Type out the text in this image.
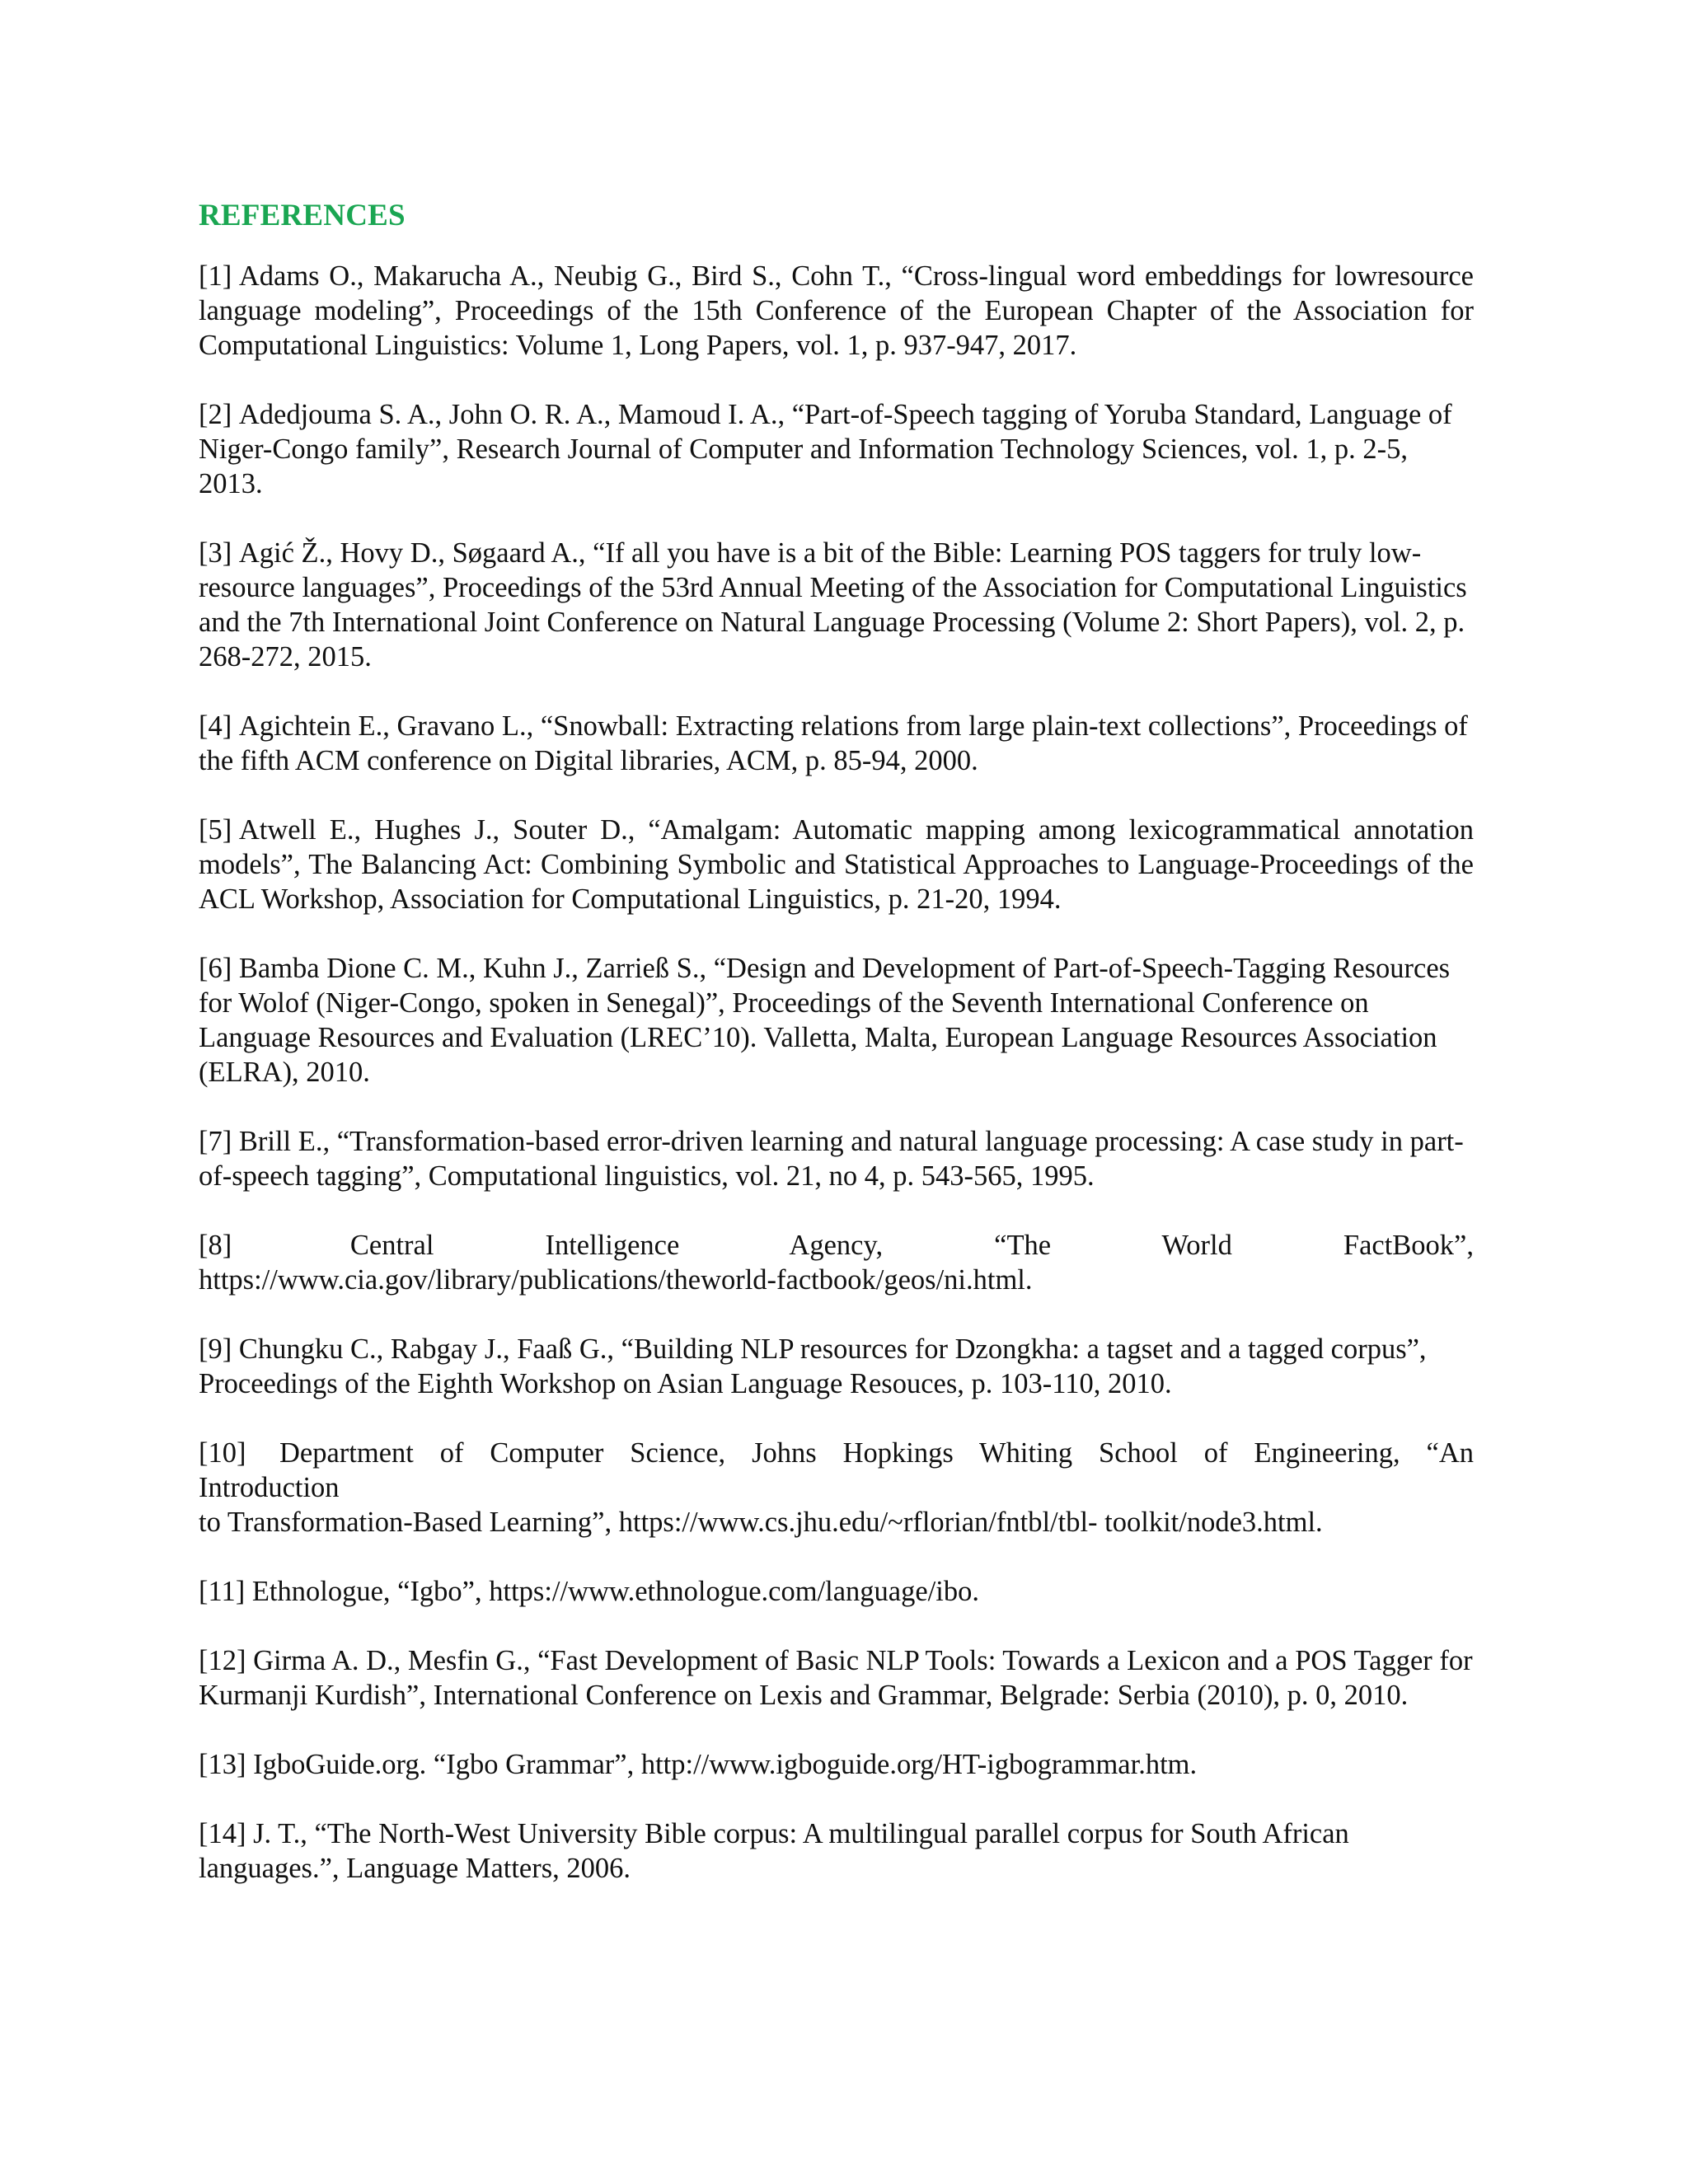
REFERENCES

[1] Adams O., Makarucha A., Neubig G., Bird S., Cohn T., “Cross-lingual word embeddings for lowresource language modeling”, Proceedings of the 15th Conference of the European Chapter of the Association for Computational Linguistics: Volume 1, Long Papers, vol. 1, p. 937-947, 2017.

[2] Adedjouma S. A., John O. R. A., Mamoud I. A., “Part-of-Speech tagging of Yoruba Standard, Language of Niger-Congo family”, Research Journal of Computer and Information Technology Sciences, vol. 1, p. 2-5, 2013.

[3] Agić Ž., Hovy D., Søgaard A., “If all you have is a bit of the Bible: Learning POS taggers for truly low-resource languages”, Proceedings of the 53rd Annual Meeting of the Association for Computational Linguistics and the 7th International Joint Conference on Natural Language Processing (Volume 2: Short Papers), vol. 2, p. 268-272, 2015.

[4] Agichtein E., Gravano L., “Snowball: Extracting relations from large plain-text collections”, Proceedings of the fifth ACM conference on Digital libraries, ACM, p. 85-94, 2000.

[5] Atwell E., Hughes J., Souter D., “Amalgam: Automatic mapping among lexicogrammatical annotation models”, The Balancing Act: Combining Symbolic and Statistical Approaches to Language-Proceedings of the ACL Workshop, Association for Computational Linguistics, p. 21-20, 1994.

[6] Bamba Dione C. M., Kuhn J., Zarrieß S., “Design and Development of Part-of-Speech-Tagging Resources for Wolof (Niger-Congo, spoken in Senegal)”, Proceedings of the Seventh International Conference on Language Resources and Evaluation (LREC’10). Valletta, Malta, European Language Resources Association (ELRA), 2010.

[7] Brill E., “Transformation-based error-driven learning and natural language processing: A case study in part-of-speech tagging”, Computational linguistics, vol. 21, no 4, p. 543-565, 1995.

[8]	Central Intelligence Agency, “The World FactBook”,
https://www.cia.gov/library/publications/theworld-factbook/geos/ni.html.

[9] Chungku C., Rabgay J., Faaß G., “Building NLP resources for Dzongkha: a tagset and a tagged corpus”, Proceedings of the Eighth Workshop on Asian Language Resouces, p. 103-110, 2010.

[10] Department of Computer Science, Johns Hopkings Whiting School of Engineering, “An
Introduction
to Transformation-Based Learning”, https://www.cs.jhu.edu/~rflorian/fntbl/tbl- toolkit/node3.html.

[11] Ethnologue, “Igbo”, https://www.ethnologue.com/language/ibo.

[12] Girma A. D., Mesfin G., “Fast Development of Basic NLP Tools: Towards a Lexicon and a POS Tagger for Kurmanji Kurdish”, International Conference on Lexis and Grammar, Belgrade: Serbia (2010), p. 0, 2010.

[13] IgboGuide.org. “Igbo Grammar”, http://www.igboguide.org/HT-igbogrammar.htm.

[14] J. T., “The North-West University Bible corpus: A multilingual parallel corpus for South African languages.”, Language Matters, 2006.
